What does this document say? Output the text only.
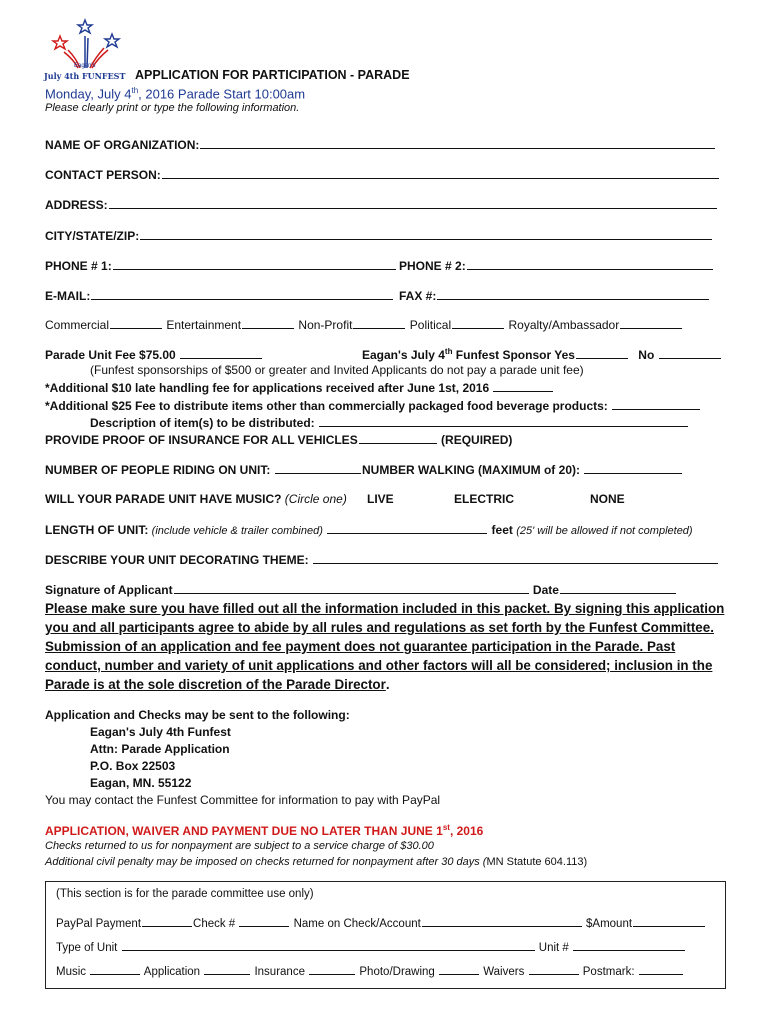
Eagan's
July 4th FUNFEST APPLICATION FOR PARTICIPATION - PARADE
Monday, July 4th, 2016 Parade Start 10:00am
Please clearly print or type the following information.
NAME OF ORGANIZATION:
CONTACT PERSON:
ADDRESS:
CITY/STATE/ZIP:
PHONE # 1:	PHONE # 2:
E-MAIL:	FAX #:
Commercial	Entertainment	Non-Profit	Political	Royalty/Ambassador
Parade Unit Fee $75.00	Eagan's July 4th Funfest Sponsor Yes	No
(Funfest sponsorships of $500 or greater and Invited Applicants do not pay a parade unit fee)
*Additional $10 late handling fee for applications received after June 1st, 2016
*Additional $25 Fee to distribute items other than commercially packaged food beverage products:
Description of item(s) to be distributed:
PROVIDE PROOF OF INSURANCE FOR ALL VEHICLES	(REQUIRED)
NUMBER OF PEOPLE RIDING ON UNIT:	NUMBER WALKING (MAXIMUM of 20):
WILL YOUR PARADE UNIT HAVE MUSIC? (Circle one) LIVE	ELECTRIC	NONE
LENGTH OF UNIT: (include vehicle & trailer combined)	feet (25' will be allowed if not completed)
DESCRIBE YOUR UNIT DECORATING THEME:
Signature of Applicant	Date
Please make sure you have filled out all the information included in this packet. By signing this application you and all participants agree to abide by all rules and regulations as set forth by the Funfest Committee. Submission of an application and fee payment does not guarantee participation in the Parade. Past conduct, number and variety of unit applications and other factors will all be considered; inclusion in the Parade is at the sole discretion of the Parade Director.
Application and Checks may be sent to the following:
Eagan's July 4th Funfest
Attn: Parade Application
P.O. Box 22503
Eagan, MN. 55122
You may contact the Funfest Committee for information to pay with PayPal
APPLICATION, WAIVER AND PAYMENT DUE NO LATER THAN JUNE 1st, 2016
Checks returned to us for nonpayment are subject to a service charge of $30.00
Additional civil penalty may be imposed on checks returned for nonpayment after 30 days (MN Statute 604.113)
(This section is for the parade committee use only)
PayPal Payment	Check #	Name on Check/Account	$Amount
Type of Unit	Unit #
Music	Application	Insurance	Photo/Drawing	Waivers	Postmark:
